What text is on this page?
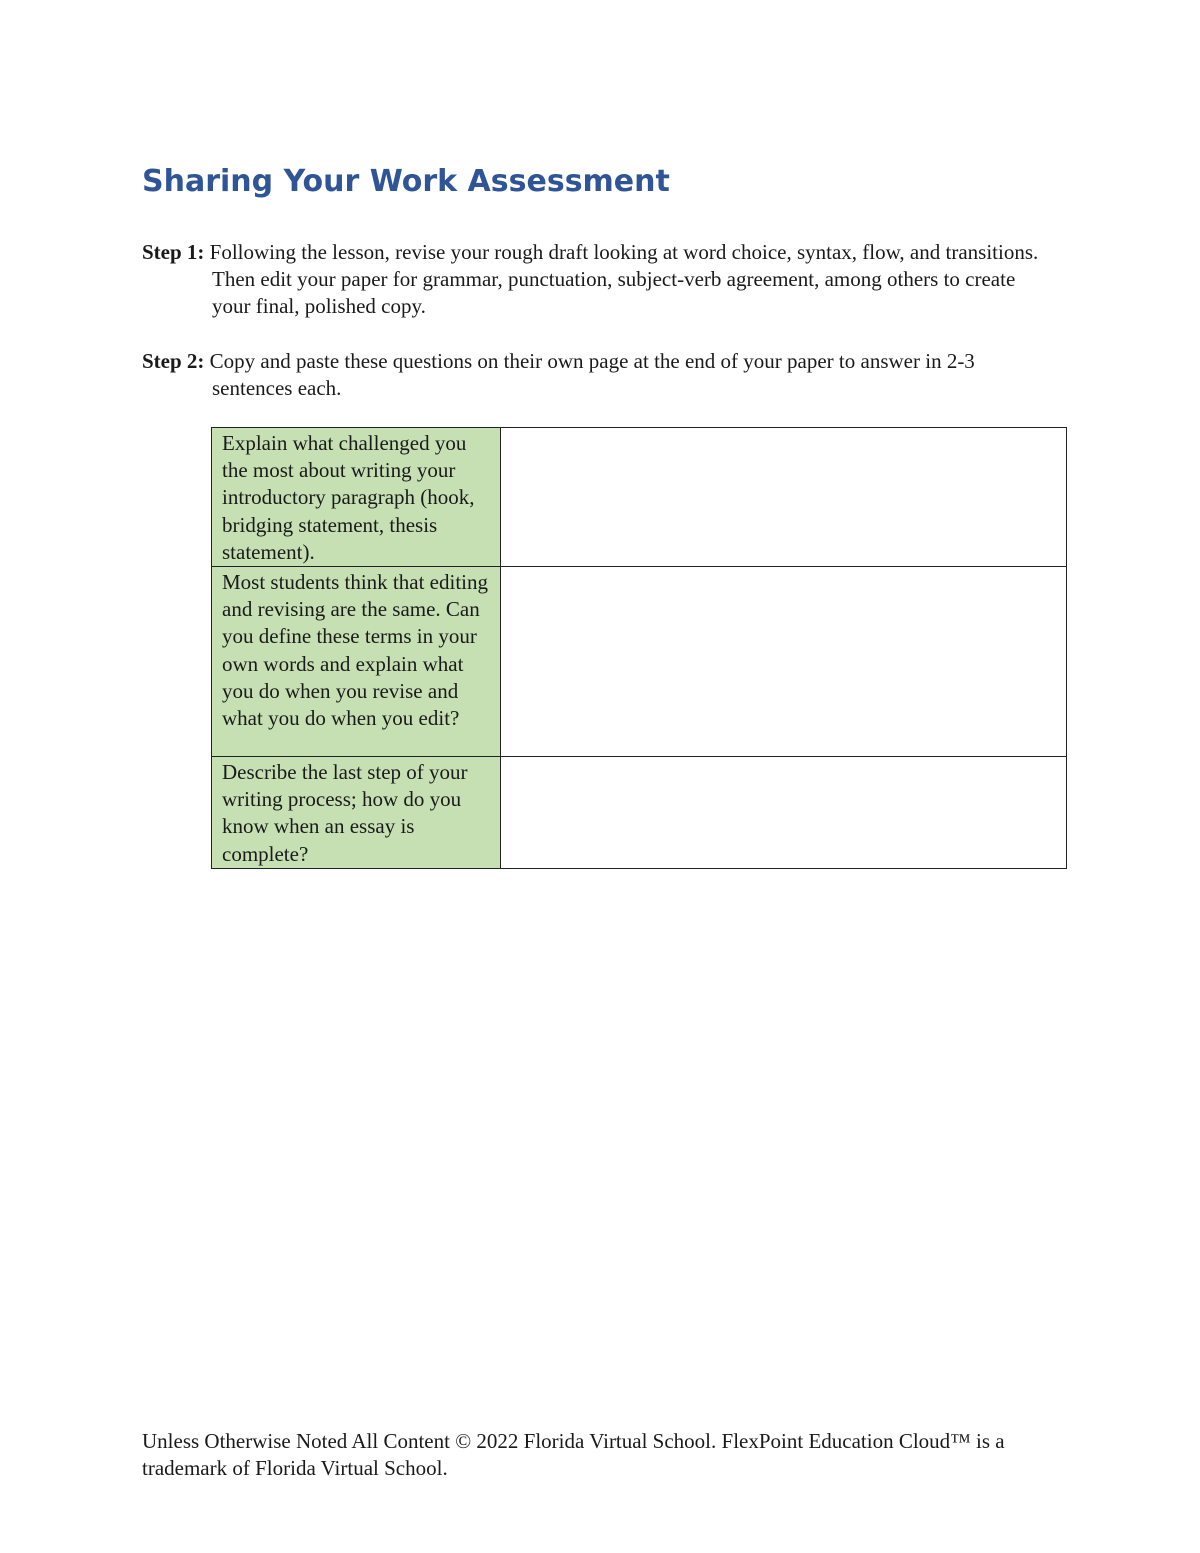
Sharing Your Work Assessment
Step 1: Following the lesson, revise your rough draft looking at word choice, syntax, flow, and transitions. Then edit your paper for grammar, punctuation, subject-verb agreement, among others to create your final, polished copy.
Step 2: Copy and paste these questions on their own page at the end of your paper to answer in 2-3 sentences each.
Explain what challenged you the most about writing your introductory paragraph (hook, bridging statement, thesis statement).	
Most students think that editing and revising are the same. Can you define these terms in your own words and explain what you do when you revise and what you do when you edit?	
Describe the last step of your writing process; how do you know when an essay is complete?	
Unless Otherwise Noted All Content © 2022 Florida Virtual School. FlexPoint Education Cloud™ is a trademark of Florida Virtual School.
